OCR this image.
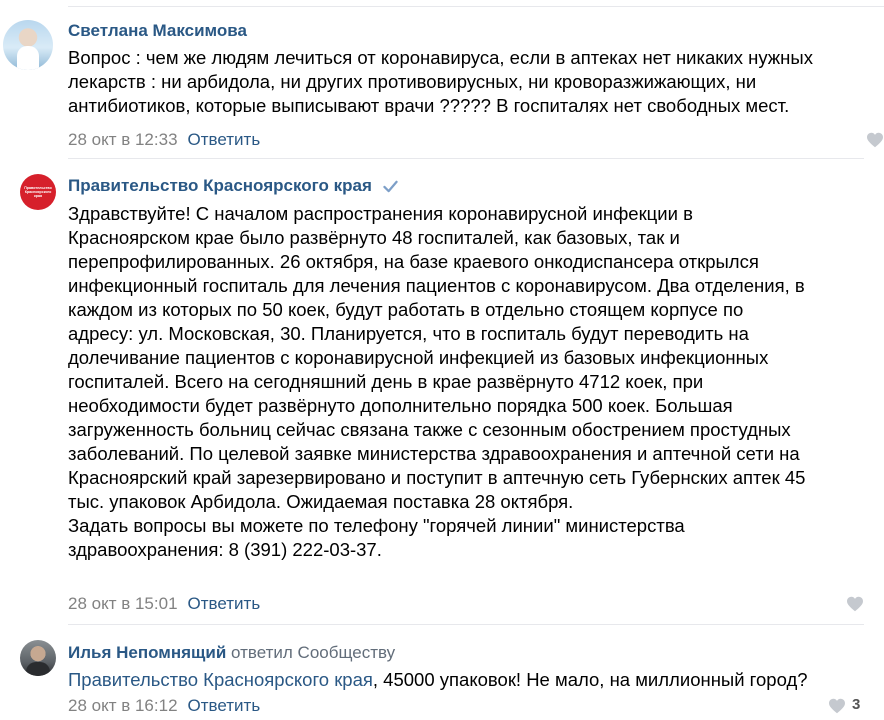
Светлана Максимова
Вопрос : чем же людям лечиться от коронавируса, если в аптеках нет никаких нужных
лекарств : ни арбидола, ни других противовирусных, ни кроворазжижающих, ни
антибиотиков, которые выписывают врачи ????? В госпиталях нет свободных мест.
28 окт в 12:33 Ответить
Правительство Красноярского края
Правительство Красноярского края
Здравствуйте! С началом распространения коронавирусной инфекции в
Красноярском крае было развёрнуто 48 госпиталей, как базовых, так и
перепрофилированных. 26 октября, на базе краевого онкодиспансера открылся
инфекционный госпиталь для лечения пациентов с коронавирусом. Два отделения, в
каждом из которых по 50 коек, будут работать в отдельно стоящем корпусе по
адресу: ул. Московская, 30. Планируется, что в госпиталь будут переводить на
долечивание пациентов с коронавирусной инфекцией из базовых инфекционных
госпиталей. Всего на сегодняшний день в крае развёрнуто 4712 коек, при
необходимости будет развёрнуто дополнительно порядка 500 коек. Большая
загруженность больниц сейчас связана также с сезонным обострением простудных
заболеваний. По целевой заявке министерства здравоохранения и аптечной сети на
Красноярский край зарезервировано и поступит в аптечную сеть Губернских аптек 45
тыс. упаковок Арбидола. Ожидаемая поставка 28 октября.
Задать вопросы вы можете по телефону "горячей линии" министерства
здравоохранения: 8 (391) 222-03-37.
28 окт в 15:01 Ответить
Илья Непомнящий ответил Сообществу
Правительство Красноярского края, 45000 упаковок! Не мало, на миллионный город?
28 окт в 16:12 Ответить	3
